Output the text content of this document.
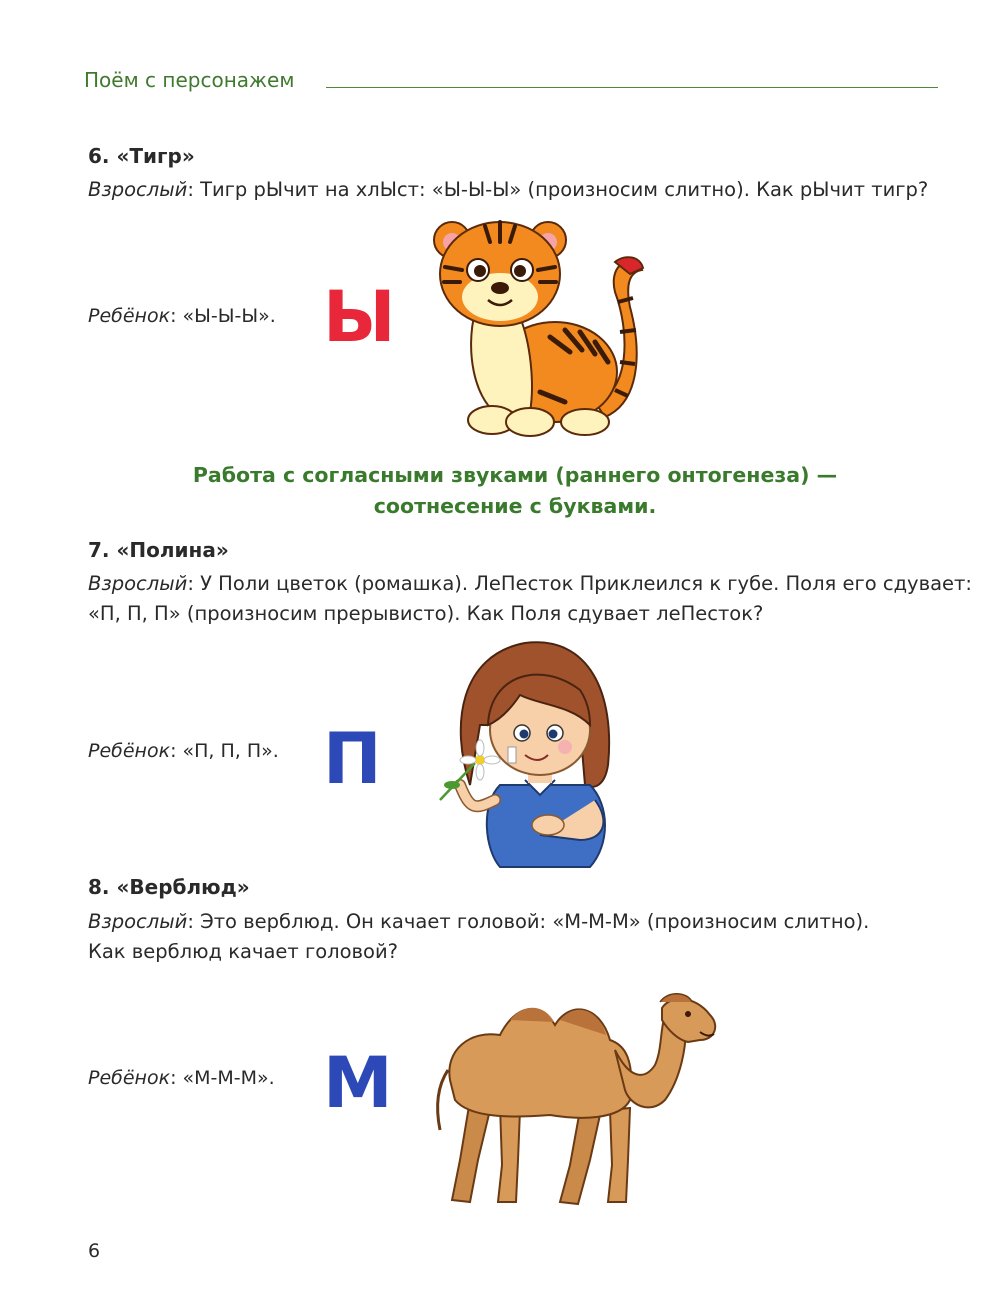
Поём с персонажем
6. «Тигр»
Взрослый: Тигр рЫчит на хлЫст: «Ы-Ы-Ы» (произносим слитно). Как рЫчит тигр?
Ребёнок: «Ы-Ы-Ы». Ы
Работа с согласными звуками (раннего онтогенеза) —
соотнесение с буквами.
7. «Полина»
Взрослый: У Поли цветок (ромашка). ЛеПесток Приклеился к губе. Поля его сдувает:
«П, П, П» (произносим прерывисто). Как Поля сдувает леПесток?
Ребёнок: «П, П, П». П
8. «Верблюд»
Взрослый: Это верблюд. Он качает головой: «М-М-М» (произносим слитно).
Как верблюд качает головой?
Ребёнок: «М-М-М». М
6
